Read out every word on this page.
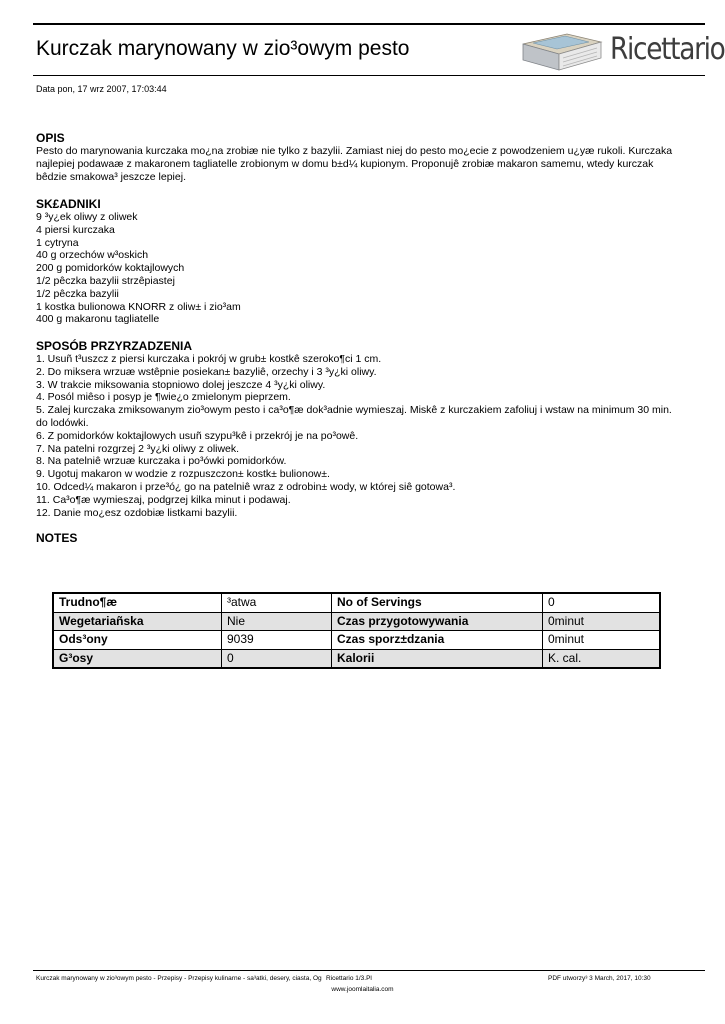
Kurczak marynowany w zio³owym pesto	Ricettario
Data pon, 17 wrz 2007, 17:03:44
OPIS

Pesto do marynowania kurczaka mo¿na zrobiæ nie tylko z bazylii. Zamiast niej do pesto mo¿ecie z powodzeniem u¿yæ rukoli. Kurczaka najlepiej podawaæ z makaronem tagliatelle zrobionym w domu b±d¼ kupionym. Proponujê zrobiæ makaron samemu, wtedy kurczak bêdzie smakowa³ jeszcze lepiej.

SK£ADNIKI
9 ³y¿ek oliwy z oliwek
4 piersi kurczaka
1 cytryna
40 g orzechów w³oskich
200 g pomidorków koktajlowych
1/2 pêczka bazylii strzêpiastej
1/2 pêczka bazylii
1 kostka bulionowa KNORR z oliw± i zio³am
400 g makaronu tagliatelle
SPOSÓB PRZYRZADZENIA
1. Usuñ t³uszcz z piersi kurczaka i pokrój w grub± kostkê szeroko¶ci 1 cm.
2. Do miksera wrzuæ wstêpnie posiekan± bazyliê, orzechy i 3 ³y¿ki oliwy.
3. W trakcie miksowania stopniowo dolej jeszcze 4 ³y¿ki oliwy.
4. Posól miêso i posyp je ¶wie¿o zmielonym pieprzem.
5. Zalej kurczaka zmiksowanym zio³owym pesto i ca³o¶æ dok³adnie wymieszaj. Miskê z kurczakiem zafoliuj i wstaw na minimum 30 min. do lodówki.
6. Z pomidorków koktajlowych usuñ szypu³kê i przekrój je na po³owê.
7. Na patelni rozgrzej 2 ³y¿ki oliwy z oliwek.
8. Na patelniê wrzuæ kurczaka i po³ówki pomidorków.
9. Ugotuj makaron w wodzie z rozpuszczon± kostk± bulionow±.
10. Odced¼ makaron i prze³ó¿ go na patelniê wraz z odrobin± wody, w której siê gotowa³.
11. Ca³o¶æ wymieszaj, podgrzej kilka minut i podawaj.
12. Danie mo¿esz ozdobiæ listkami bazylii.
NOTES
Trudno¶æ	³atwa	No of Servings	0
Wegetariañska	Nie	Czas przygotowywania	0minut
Ods³ony	9039	Czas sporz±dzania	0minut
G³osy	0	Kalorii	K. cal.
Kurczak marynowany w zio³owym pesto - Przepisy - Przepisy kulinarne - sa³atki, desery, ciasta, Og Ricettario 1/3.Pl	PDF utworzy³ 3 March, 2017, 10:30
www.joomlaitalia.com
